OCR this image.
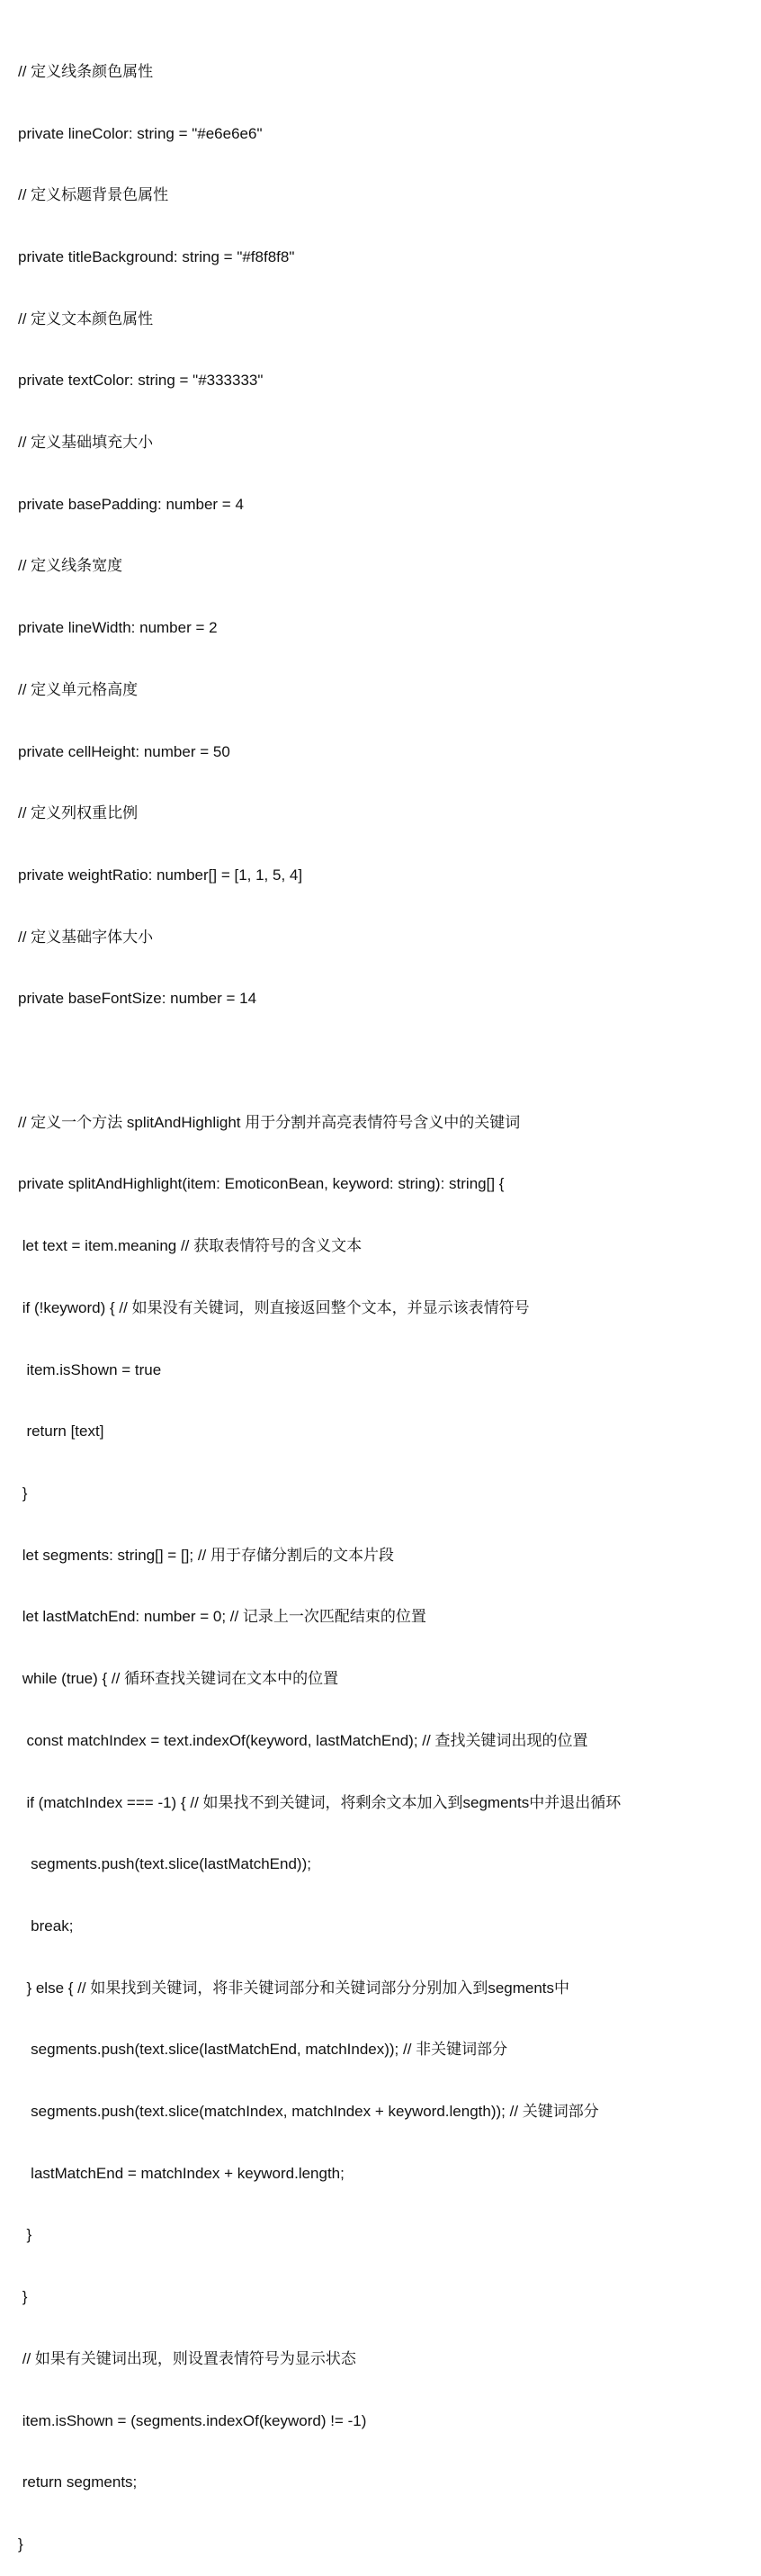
// 定义线条颜色属性

private lineColor: string = "#e6e6e6"

// 定义标题背景色属性

private titleBackground: string = "#f8f8f8"

// 定义文本颜色属性

private textColor: string = "#333333"

// 定义基础填充大小

private basePadding: number = 4

// 定义线条宽度

private lineWidth: number = 2

// 定义单元格高度

private cellHeight: number = 50

// 定义列权重比例

private weightRatio: number[] = [1, 1, 5, 4]

// 定义基础字体大小

private baseFontSize: number = 14

// 定义一个方法 splitAndHighlight 用于分割并高亮表情符号含义中的关键词

private splitAndHighlight(item: EmoticonBean, keyword: string): string[] {

let text = item.meaning // 获取表情符号的含义文本

if (!keyword) { // 如果没有关键词，则直接返回整个文本，并显示该表情符号

item.isShown = true

return [text]

}

let segments: string[] = []; // 用于存储分割后的文本片段

let lastMatchEnd: number = 0; // 记录上一次匹配结束的位置

while (true) { // 循环查找关键词在文本中的位置

const matchIndex = text.indexOf(keyword, lastMatchEnd); // 查找关键词出现的位置

if (matchIndex === -1) { // 如果找不到关键词，将剩余文本加入到segments中并退出循环

segments.push(text.slice(lastMatchEnd));

break;

} else { // 如果找到关键词，将非关键词部分和关键词部分分别加入到segments中

segments.push(text.slice(lastMatchEnd, matchIndex)); // 非关键词部分

segments.push(text.slice(matchIndex, matchIndex + keyword.length)); // 关键词部分

lastMatchEnd = matchIndex + keyword.length;

}

}

// 如果有关键词出现，则设置表情符号为显示状态

item.isShown = (segments.indexOf(keyword) != -1)

return segments;

}
